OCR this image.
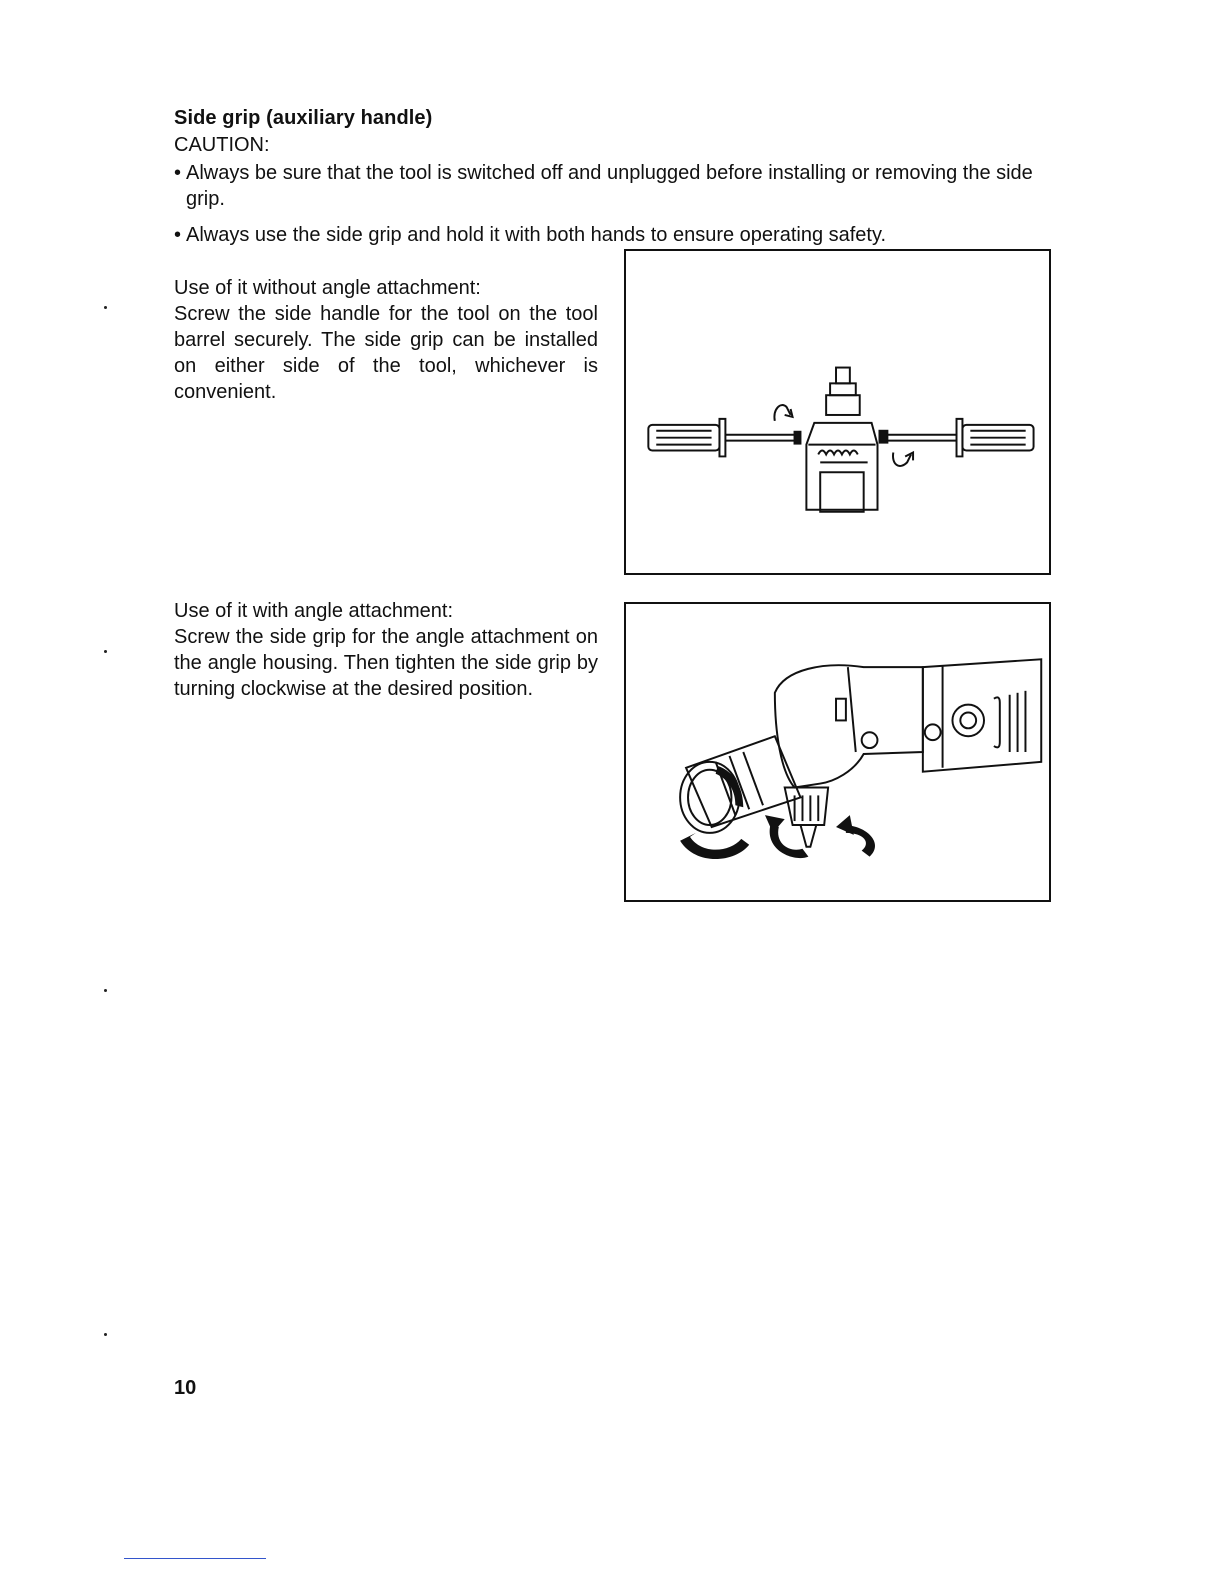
Side grip (auxiliary handle)
CAUTION:
• Always be sure that the tool is switched off and unplugged before installing or removing the side grip.
• Always use the side grip and hold it with both hands to ensure operating safety.

Use of it without angle attachment:

Screw the side handle for the tool on the tool barrel securely. The side grip can be installed on either side of the tool, whichever is convenient.

Use of it with angle attachment:

Screw the side grip for the angle attachment on the angle housing. Then tighten the side grip by turning clockwise at the desired position.

10
